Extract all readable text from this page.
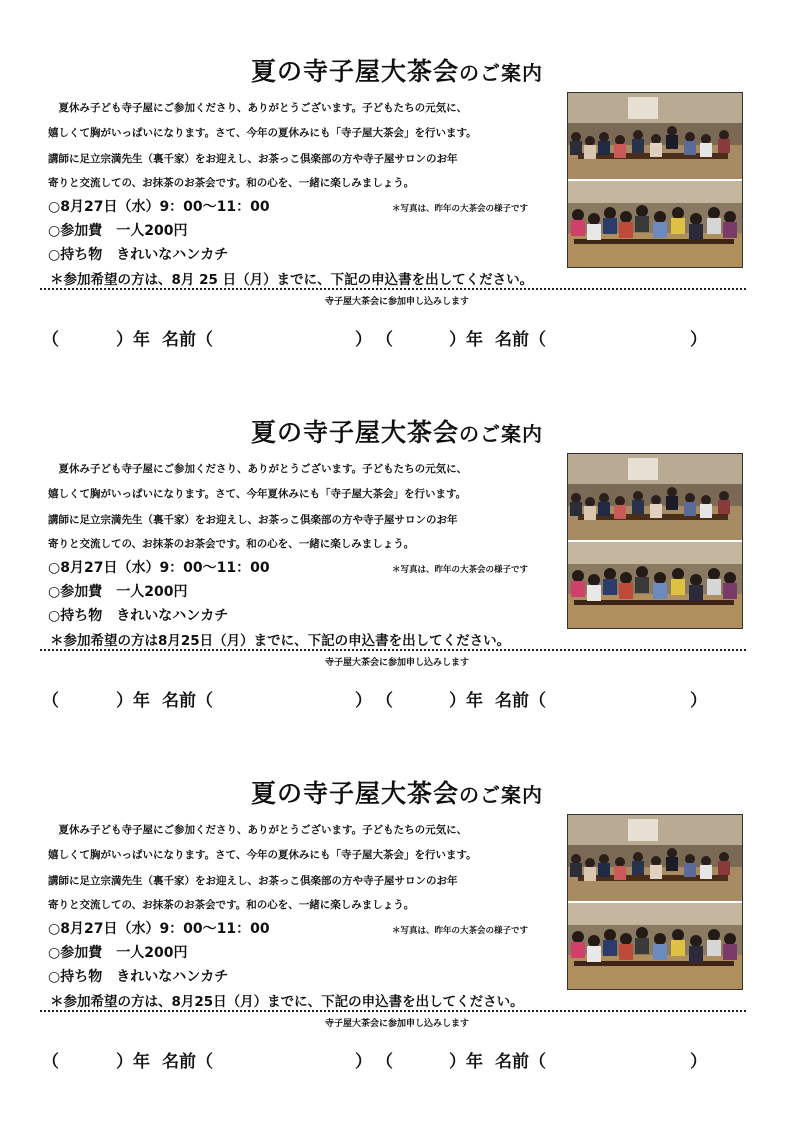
夏の寺子屋大茶会のご案内
　夏休み子ども寺子屋にご参加くださり、ありがとうございます。子どもたちの元気に、
嬉しくて胸がいっぱいになります。さて、今年の夏休みにも「寺子屋大茶会」を行います。
講師に足立宗満先生（裏千家）をお迎えし、お茶っこ倶楽部の方や寺子屋サロンのお年
寄りと交流しての、お抹茶のお茶会です。和の心を、一緒に楽しみましょう。
○8月27日（水）9：00～11：00	＊写真は、昨年の大茶会の様子です
○参加費　一人200円
○持ち物　きれいなハンカチ
＊参加希望の方は、8月 25 日（月）までに、下記の申込書を出してください。
寺子屋大茶会に参加申し込みします
（	）年 名前（	） （	）年 名前（	）
夏の寺子屋大茶会のご案内
　夏休み子ども寺子屋にご参加くださり、ありがとうございます。子どもたちの元気に、
嬉しくて胸がいっぱいになります。さて、今年夏休みにも「寺子屋大茶会」を行います。
講師に足立宗満先生（裏千家）をお迎えし、お茶っこ倶楽部の方や寺子屋サロンのお年
寄りと交流しての、お抹茶のお茶会です。和の心を、一緒に楽しみましょう。
○8月27日（水）9：00～11：00	＊写真は、昨年の大茶会の様子です
○参加費　一人200円
○持ち物　きれいなハンカチ
＊参加希望の方は8月25日（月）までに、下記の申込書を出してください。
寺子屋大茶会に参加申し込みします
（	）年 名前（	） （	）年 名前（	）
夏の寺子屋大茶会のご案内
　夏休み子ども寺子屋にご参加くださり、ありがとうございます。子どもたちの元気に、
嬉しくて胸がいっぱいになります。さて、今年の夏休みにも「寺子屋大茶会」を行います。
講師に足立宗満先生（裏千家）をお迎えし、お茶っこ倶楽部の方や寺子屋サロンのお年
寄りと交流しての、お抹茶のお茶会です。和の心を、一緒に楽しみましょう。
○8月27日（水）9：00～11：00	＊写真は、昨年の大茶会の様子です
○参加費　一人200円
○持ち物　きれいなハンカチ
＊参加希望の方は、8月25日（月）までに、下記の申込書を出してください。
寺子屋大茶会に参加申し込みします
（	）年 名前（	） （	）年 名前（	）
